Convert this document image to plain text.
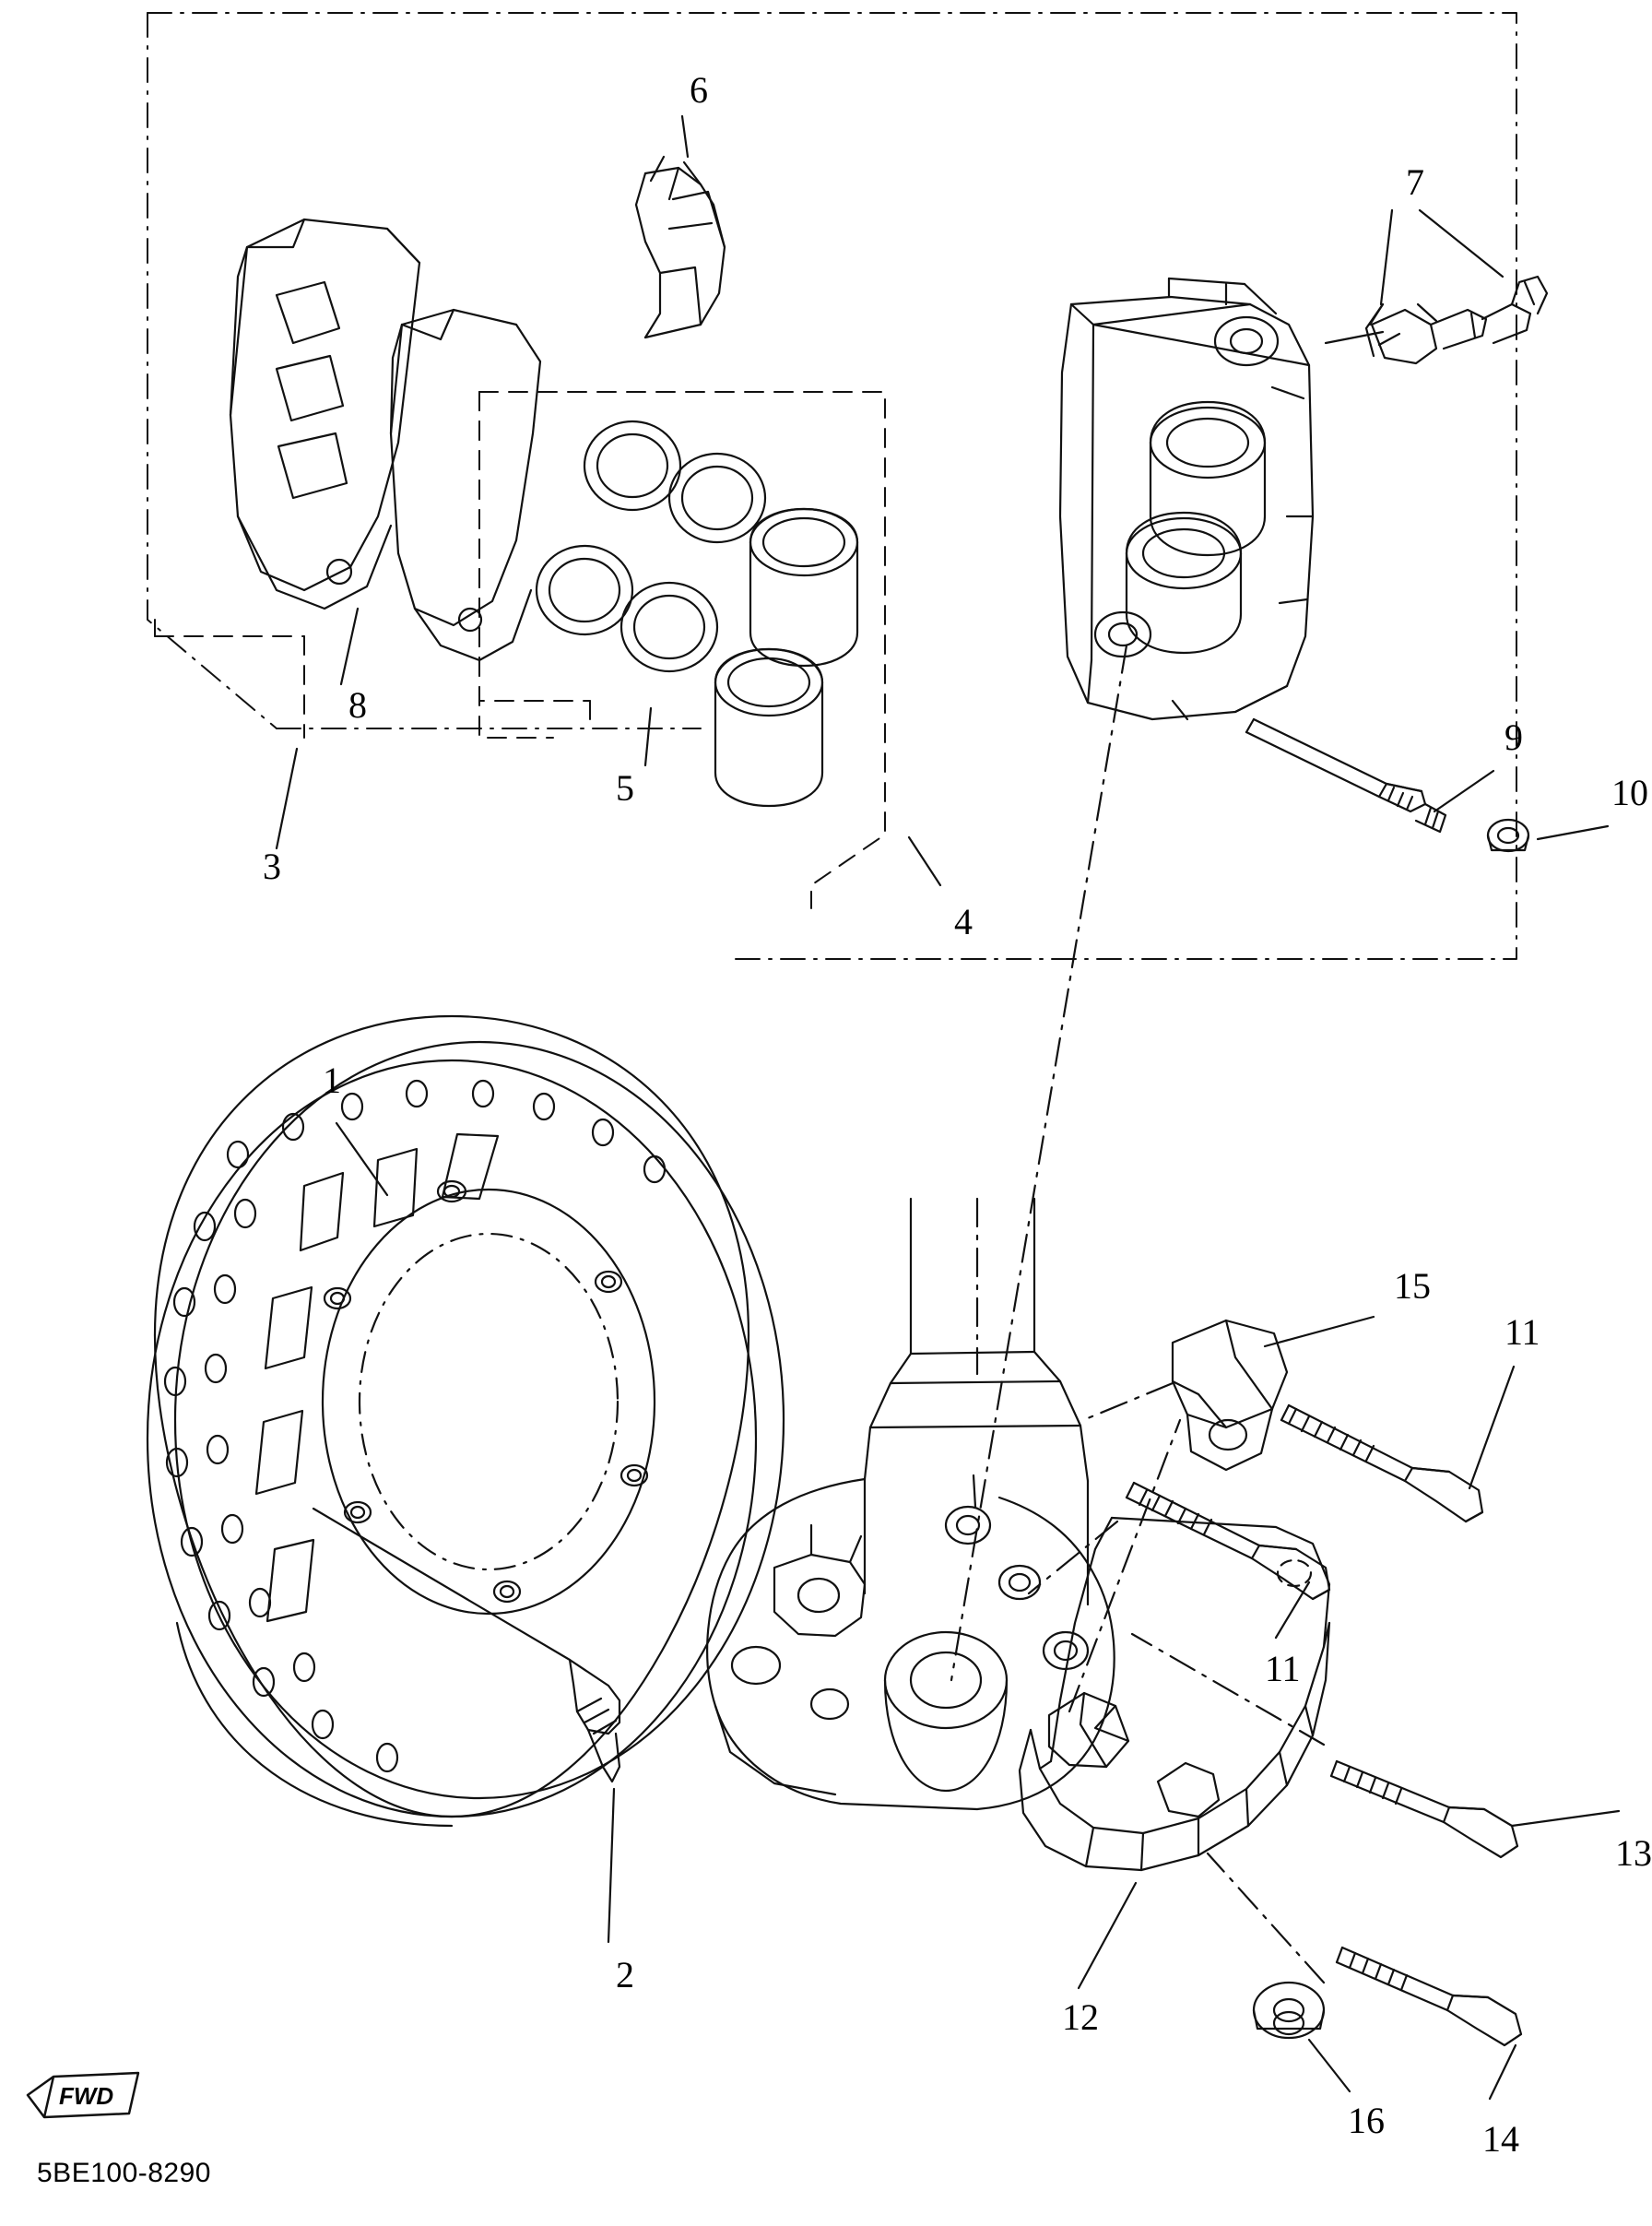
6
7
8
5
3
4
9
10
1
15
11
11
13
2
12
16	14
FWD
5BE100-8290
